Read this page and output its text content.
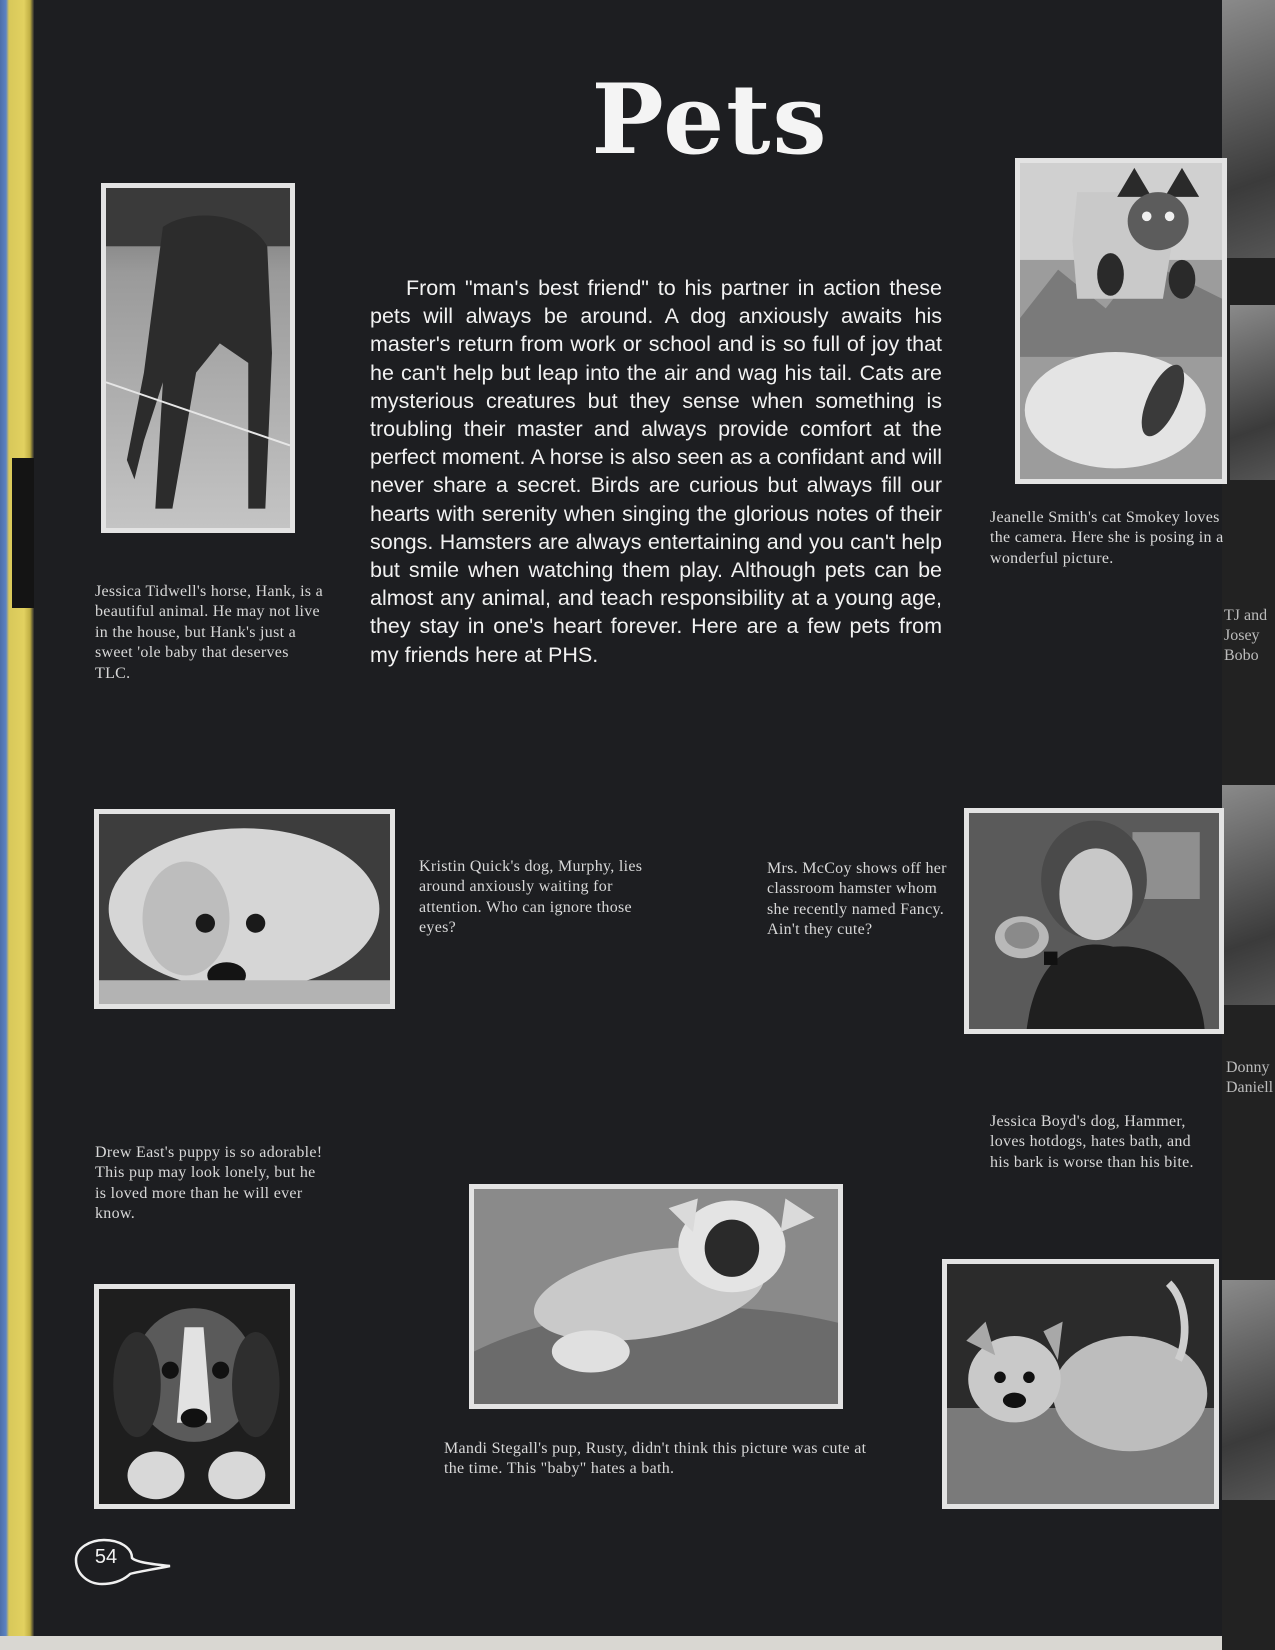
Pets

From "man's best friend" to his partner in action these pets will always be around. A dog anxiously awaits his master's return from work or school and is so full of joy that he can't help but leap into the air and wag his tail. Cats are mysterious creatures but they sense when something is troubling their master and always provide comfort at the perfect moment. A horse is also seen as a confidant and will never share a secret. Birds are curious but always fill our hearts with serenity when singing the glorious notes of their songs. Hamsters are always entertaining and you can't help but smile when watching them play. Although pets can be almost any animal, and teach responsibility at a young age, they stay in one's heart forever. Here are a few pets from my friends here at PHS.

Jessica Tidwell's horse, Hank, is a beautiful animal. He may not live in the house, but Hank's just a sweet 'ole baby that deserves TLC.

Jeanelle Smith's cat Smokey loves the camera. Here she is posing in a wonderful picture.

TJ and
Josey
Bobo
Donny
Daniell

Kristin Quick's dog, Murphy, lies around anxiously waiting for attention. Who can ignore those eyes?

Mrs. McCoy shows off her classroom hamster whom she recently named Fancy. Ain't they cute?

Jessica Boyd's dog, Hammer, loves hotdogs, hates bath, and his bark is worse than his bite.

Drew East's puppy is so adorable! This pup may look lonely, but he is loved more than he will ever know.

Mandi Stegall's pup, Rusty, didn't think this picture was cute at the time. This "baby" hates a bath.

54
